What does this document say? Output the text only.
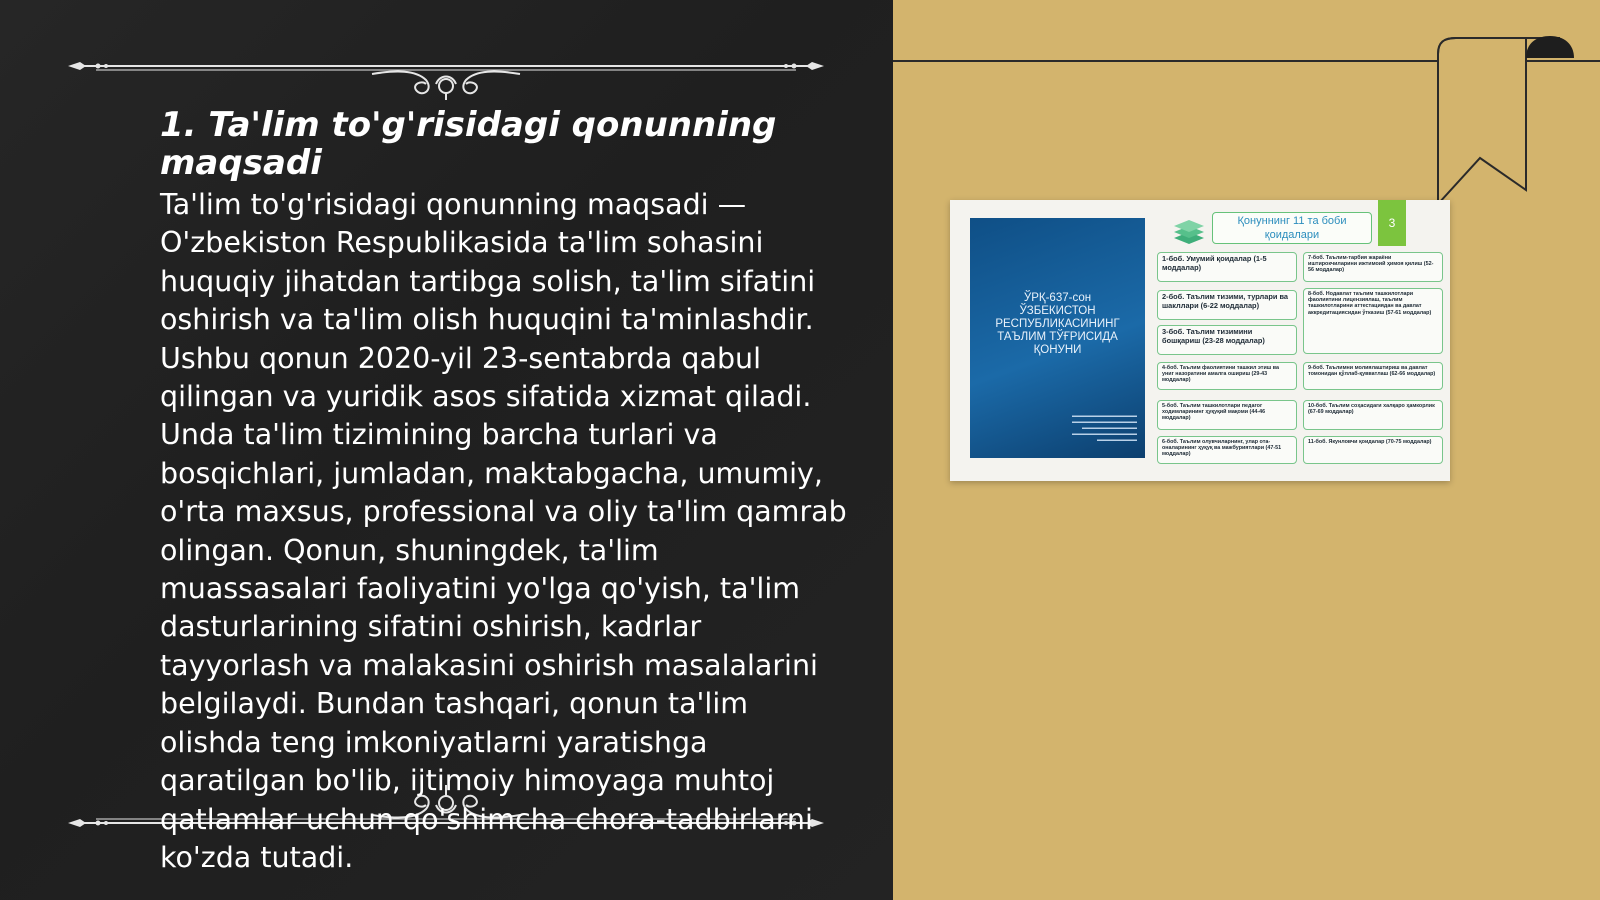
1. Ta'lim to'g'risidagi qonunning maqsadi

Ta'lim to'g'risidagi qonunning maqsadi — O'zbekiston Respublikasida ta'lim sohasini huquqiy jihatdan tartibga solish, ta'lim sifatini oshirish va ta'lim olish huquqini ta'minlashdir. Ushbu qonun 2020-yil 23-sentabrda qabul qilingan va yuridik asos sifatida xizmat qiladi. Unda ta'lim tizimining barcha turlari va bosqichlari, jumladan, maktabgacha, umumiy, o'rta maxsus, professional va oliy ta'lim qamrab olingan. Qonun, shuningdek, ta'lim muassasalari faoliyatini yo'lga qo'yish, ta'lim dasturlarining sifatini oshirish, kadrlar tayyorlash va malakasini oshirish masalalarini belgilaydi. Bundan tashqari, qonun ta'lim olishda teng imkoniyatlarni yaratishga qaratilgan bo'lib, ijtimoiy himoyaga muhtoj qatlamlar uchun qo'shimcha chora-tadbirlarni ko'zda tutadi.

ЎРҚ-637-сон
ЎЗБЕКИСТОН
РЕСПУБЛИКАСИНИНГ
ТАЪЛИМ ТЎҒРИСИДА
ҚОНУНИ
▬▬▬▬▬▬▬▬▬▬▬▬▬
▬▬▬▬▬▬▬▬▬▬▬▬▬
▬▬▬▬▬▬▬▬▬▬▬
▬▬▬▬▬▬▬▬▬▬▬▬▬
▬▬▬▬▬▬▬▬
Қонуннинг 11 та боби қоидалари
3
1-боб. Умумий қоидалар (1-5 моддалар)
2-боб. Таълим тизими, турлари ва шакллари (6-22 моддалар)
3-боб. Таълим тизимини бошқариш (23-28 моддалар)
4-боб. Таълим фаолиятини ташкил этиш ва униг назоратини амалга ошириш (29-43 моддалар)
5-боб. Таълим ташкилотлари педагог ходимларининг ҳуқуқий мақоми (44-46 моддалар)
6-боб. Таълим олувчиларнинг, улар ота-оналарининг ҳуқуқ ва мажбуриятлари (47-51 моддалар)
7-боб. Таълим-тарбия жараёни иштирокчиларини ижтимоий ҳимоя қилиш (52-56 моддалар)
8-боб. Нодавлат таълим ташкилотлари фаолиятини лицензиялаш, таълим ташкилотларини аттестациядан ва давлат аккредитациясидан ўтказиш (57-61 моддалар)
9-боб. Таълимни молиялаштириш ва давлат томонидан қўллаб-қувватлаш (62-66 моддалар)
10-боб. Таълим соҳасидаги халқаро ҳамкорлик (67-69 моддалар)
11-боб. Якунловчи қоидалар (70-75 моддалар)
